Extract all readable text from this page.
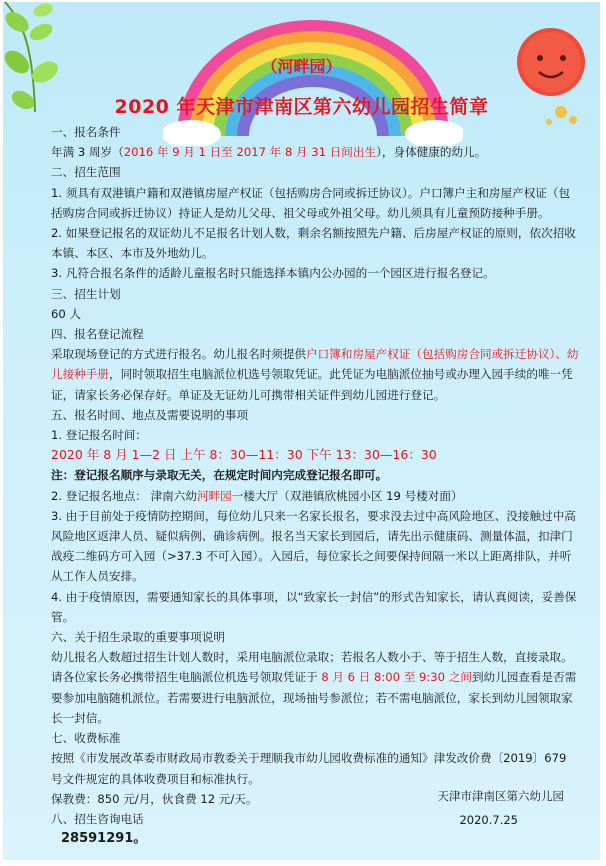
（河畔园）
2020 年天津市津南区第六幼儿园招生简章

一、报名条件

年满 3 周岁（2016 年 9 月 1 日至 2017 年 8 月 31 日间出生），身体健康的幼儿。

二、招生范围

1. 须具有双港镇户籍和双港镇房屋产权证（包括购房合同或拆迁协议）。户口簿户主和房屋产权证（包括购房合同或拆迁协议）持证人是幼儿父母、祖父母或外祖父母。幼儿须具有儿童预防接种手册。

2. 如果登记报名的双证幼儿不足报名计划人数，剩余名额按照先户籍、后房屋产权证的原则，依次招收本镇、本区、本市及外地幼儿。

3. 凡符合报名条件的适龄儿童报名时只能选择本镇内公办园的一个园区进行报名登记。

三、招生计划

60 人

四、报名登记流程

采取现场登记的方式进行报名。幼儿报名时须提供户口簿和房屋产权证（包括购房合同或拆迁协议）、幼儿接种手册，同时领取招生电脑派位机选号领取凭证。此凭证为电脑派位抽号或办理入园手续的唯一凭证，请家长务必保存好。单证及无证幼儿可携带相关证件到幼儿园进行登记。

五、报名时间、地点及需要说明的事项

1. 登记报名时间：

2020 年 8 月 1—2 日 上午 8：30—11：30 下午 13：30—16：30

注：登记报名顺序与录取无关，在规定时间内完成登记报名即可。

2. 登记报名地点： 津南六幼河畔园一楼大厅（双港镇欣桃园小区 19 号楼对面）

3. 由于目前处于疫情防控期间，每位幼儿只来一名家长报名，要求没去过中高风险地区、没接触过中高风险地区返津人员、疑似病例、确诊病例。报名当天家长到园后，请先出示健康码、测量体温，扣津门战疫二维码方可入园（>37.3 不可入园）。入园后，每位家长之间要保持间隔一米以上距离排队，并听从工作人员安排。

4. 由于疫情原因，需要通知家长的具体事项，以“致家长一封信”的形式告知家长，请认真阅读，妥善保管。

六、关于招生录取的重要事项说明

幼儿报名人数超过招生计划人数时，采用电脑派位录取；若报名人数小于、等于招生人数，直接录取。请各位家长务必携带招生电脑派位机选号领取凭证于 8 月 6 日 8:00 至 9:30 之间到幼儿园查看是否需要参加电脑随机派位。若需要进行电脑派位，现场抽号参派位；若不需电脑派位，家长到幼儿园领取家长一封信。

七、收费标准

按照《市发展改革委市财政局市教委关于理顺我市幼儿园收费标准的通知》津发改价费〔2019〕679 号文件规定的具体收费项目和标准执行。

保教费：850 元/月，伙食费 12 元/天。

八、招生咨询电话

28591291。

天津市津南区第六幼儿园
2020.7.25
